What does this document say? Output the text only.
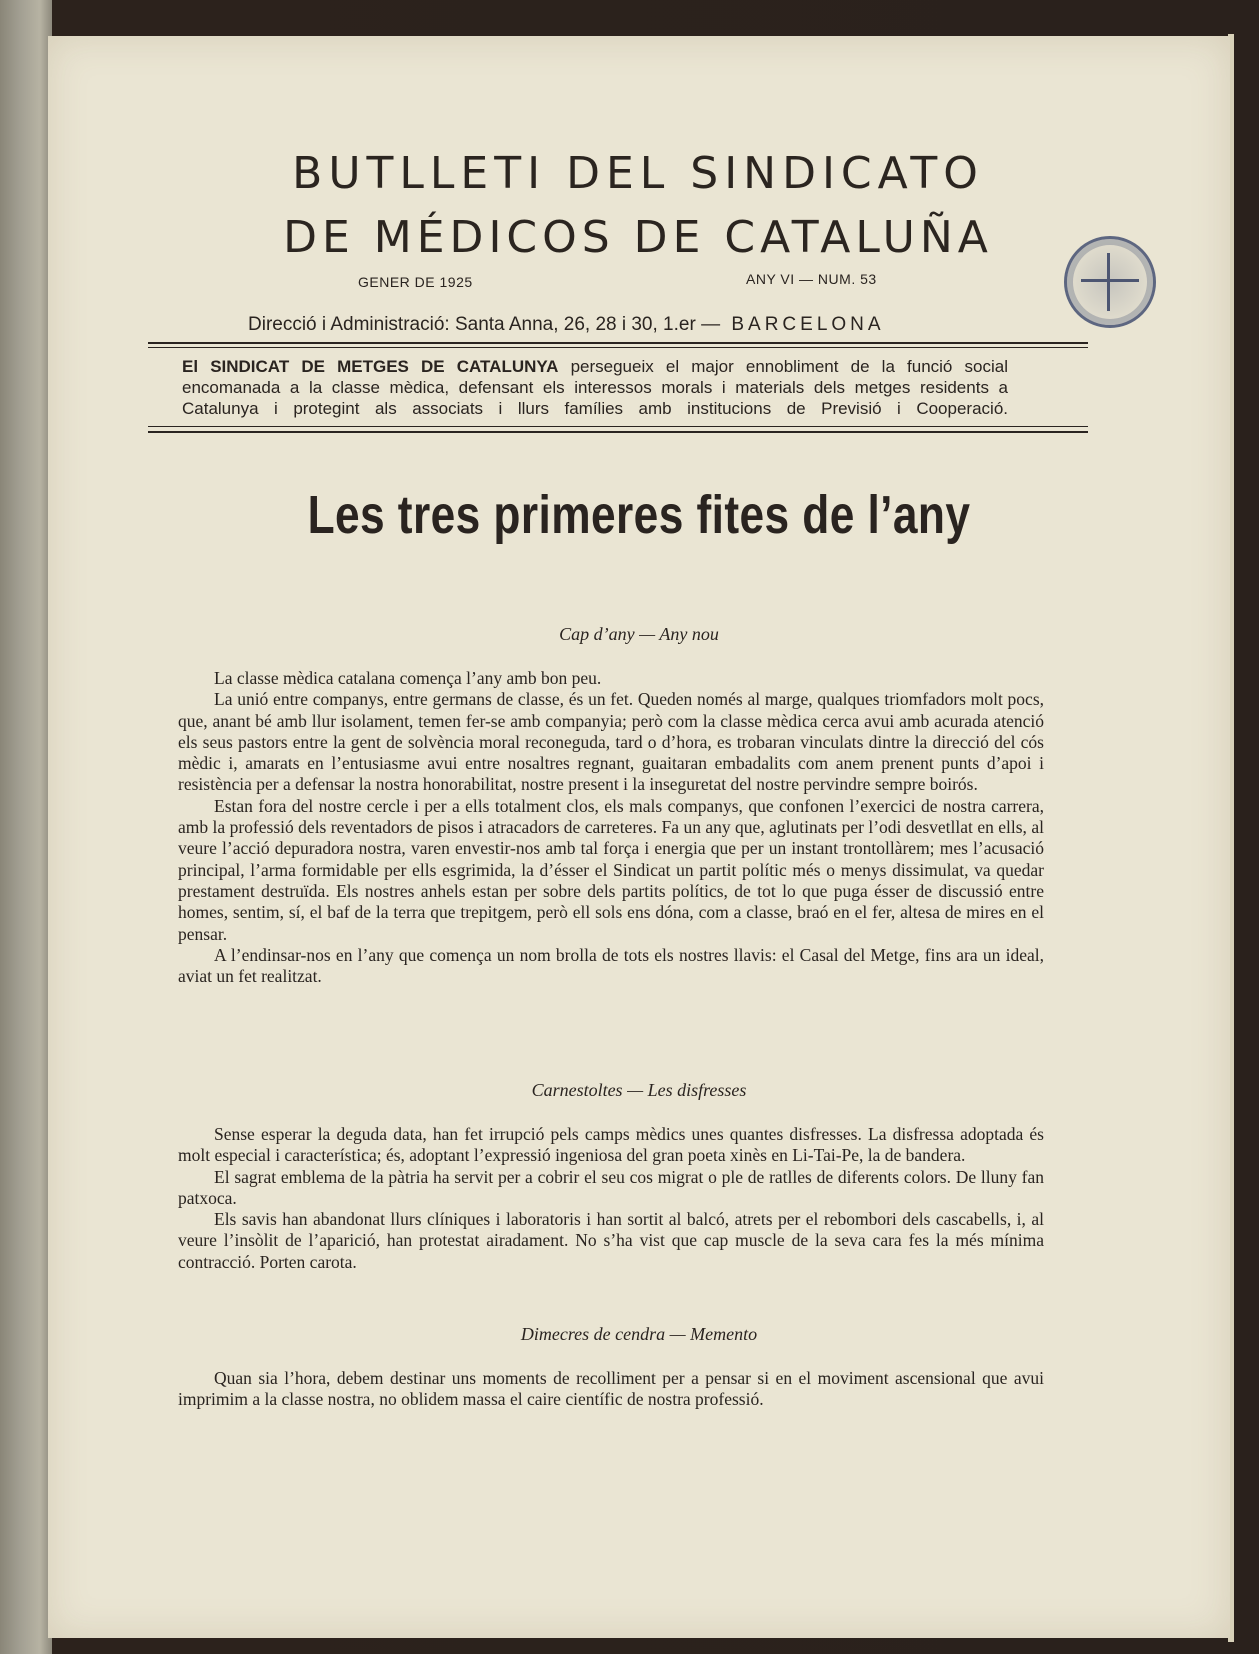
BUTLLETI DEL SINDICATO
DE MÉDICOS DE CATALUÑA
GENER DE 1925	ANY VI — NUM. 53
Direcció i Administració: Santa Anna, 26, 28 i 30, 1.er — BARCELONA

El SINDICAT DE METGES DE CATALUNYA persegueix el major ennobliment de la funció social encomanada a la classe mèdica, defensant els interessos morals i materials dels metges residents a Catalunya i protegint als associats i llurs famílies amb institucions de Previsió i Cooperació.

Les tres primeres fites de l’any
Cap d’any — Any nou

La classe mèdica catalana comença l’any amb bon peu.

La unió entre companys, entre germans de classe, és un fet. Queden només al marge, qualques triomfadors molt pocs, que, anant bé amb llur isolament, temen fer-se amb companyia; però com la classe mèdica cerca avui amb acurada atenció els seus pastors entre la gent de solvència moral reconeguda, tard o d’hora, es trobaran vinculats dintre la direcció del cós mèdic i, amarats en l’entusiasme avui entre nosaltres regnant, guaitaran embadalits com anem prenent punts d’apoi i resistència per a defensar la nostra honorabilitat, nostre present i la inseguretat del nostre pervindre sempre boirós.

Estan fora del nostre cercle i per a ells totalment clos, els mals companys, que confonen l’exercici de nostra carrera, amb la professió dels reventadors de pisos i atracadors de carreteres. Fa un any que, aglutinats per l’odi desvetllat en ells, al veure l’acció depuradora nostra, varen envestir-nos amb tal força i energia que per un instant trontollàrem; mes l’acusació principal, l’arma formidable per ells esgrimida, la d’ésser el Sindicat un partit polític més o menys dissimulat, va quedar prestament destruïda. Els nostres anhels estan per sobre dels partits polítics, de tot lo que puga ésser de discussió entre homes, sentim, sí, el baf de la terra que trepitgem, però ell sols ens dóna, com a classe, braó en el fer, altesa de mires en el pensar.

A l’endinsar-nos en l’any que comença un nom brolla de tots els nostres llavis: el Casal del Metge, fins ara un ideal, aviat un fet realitzat.

Carnestoltes — Les disfresses

Sense esperar la deguda data, han fet irrupció pels camps mèdics unes quantes disfresses. La disfressa adoptada és molt especial i característica; és, adoptant l’expressió ingeniosa del gran poeta xinès en Li-Tai-Pe, la de bandera.

El sagrat emblema de la pàtria ha servit per a cobrir el seu cos migrat o ple de ratlles de diferents colors. De lluny fan patxoca.

Els savis han abandonat llurs clíniques i laboratoris i han sortit al balcó, atrets per el rebombori dels cascabells, i, al veure l’insòlit de l’aparició, han protestat airadament. No s’ha vist que cap muscle de la seva cara fes la més mínima contracció. Porten carota.

Dimecres de cendra — Memento

Quan sia l’hora, debem destinar uns moments de recolliment per a pensar si en el moviment ascensional que avui imprimim a la classe nostra, no oblidem massa el caire científic de nostra professió.
